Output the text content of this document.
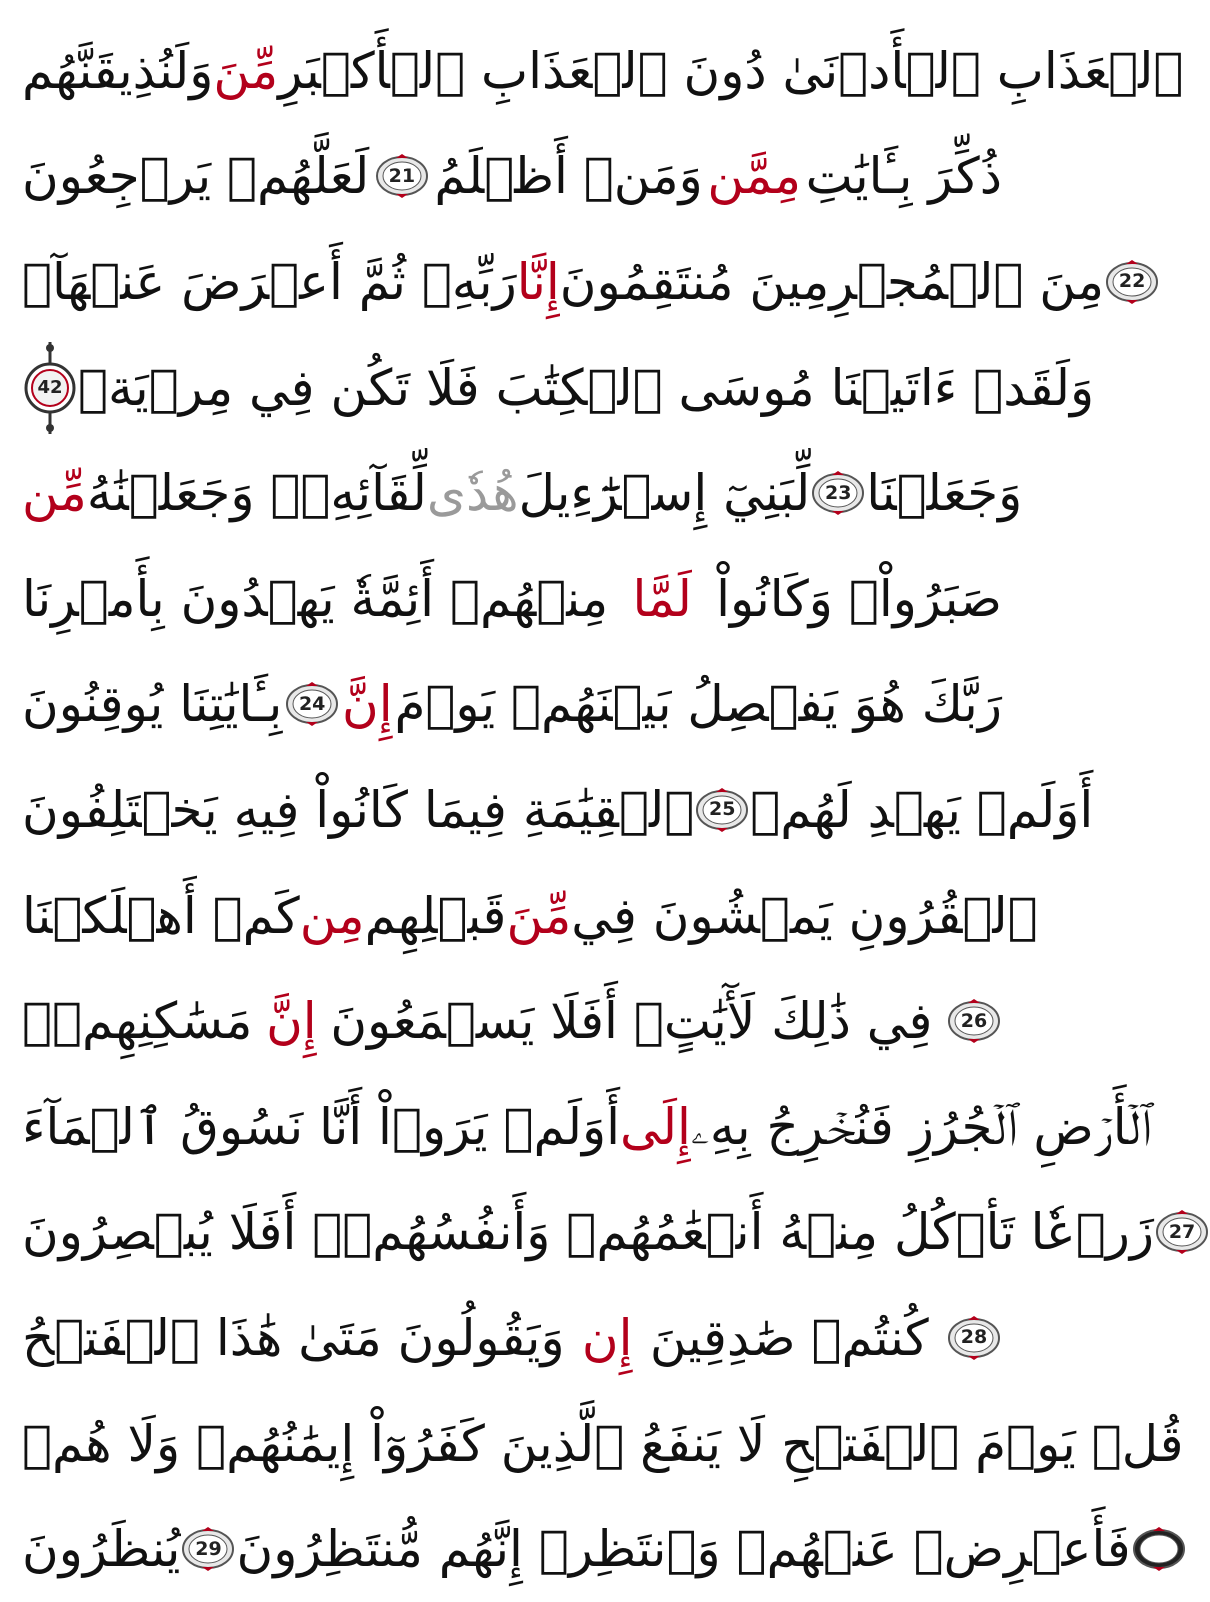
وَلَنُذِيقَنَّهُم مِّنَ ٱلۡعَذَابِ ٱلۡأَدۡنَىٰ دُونَ ٱلۡعَذَابِ ٱلۡأَكۡبَرِ
لَعَلَّهُمۡ يَرۡجِعُونَ 21 وَمَنۡ أَظۡلَمُ مِمَّن ذُكِّرَ بِـَٔايَٰتِ
رَبِّهِۦ ثُمَّ أَعۡرَضَ عَنۡهَآۚ إِنَّا مِنَ ٱلۡمُجۡرِمِينَ مُنتَقِمُونَ 22
42 وَلَقَدۡ ءَاتَيۡنَا مُوسَى ٱلۡكِتَٰبَ فَلَا تَكُن فِي مِرۡيَةٖ
مِّن لِّقَآئِهِۦۖ وَجَعَلۡنَٰهُ هُدٗى لِّبَنِيٓ إِسۡرَٰٓءِيلَ 23 وَجَعَلۡنَا
مِنۡهُمۡ أَئِمَّةٗ يَهۡدُونَ بِأَمۡرِنَا لَمَّا صَبَرُواْۖ وَكَانُواْ
بِـَٔايَٰتِنَا يُوقِنُونَ 24 إِنَّ رَبَّكَ هُوَ يَفۡصِلُ بَيۡنَهُمۡ يَوۡمَ
ٱلۡقِيَٰمَةِ فِيمَا كَانُواْ فِيهِ يَخۡتَلِفُونَ 25 أَوَلَمۡ يَهۡدِ لَهُمۡ
كَمۡ أَهۡلَكۡنَا مِن قَبۡلِهِم مِّنَ ٱلۡقُرُونِ يَمۡشُونَ فِي
مَسَٰكِنِهِمۡۚ إِنَّ فِي ذَٰلِكَ لَأٓيَٰتٍۚ أَفَلَا يَسۡمَعُونَ 26
أَوَلَمۡ يَرَوۡاْ أَنَّا نَسُوقُ ٱلۡمَآءَ إِلَى ٱلۡأَرۡضِ ٱلۡجُرُزِ فَنُخۡرِجُ بِهِۦ
زَرۡعٗا تَأۡكُلُ مِنۡهُ أَنۡعَٰمُهُمۡ وَأَنفُسُهُمۡۚ أَفَلَا يُبۡصِرُونَ 27
وَيَقُولُونَ مَتَىٰ هَٰذَا ٱلۡفَتۡحُ إِن كُنتُمۡ صَٰدِقِينَ 28
قُلۡ يَوۡمَ ٱلۡفَتۡحِ لَا يَنفَعُ ٱلَّذِينَ كَفَرُوٓاْ إِيمَٰنُهُمۡ وَلَا هُمۡ
يُنظَرُونَ 29 فَأَعۡرِضۡ عَنۡهُمۡ وَٱنتَظِرۡ إِنَّهُم مُّنتَظِرُونَ 30
